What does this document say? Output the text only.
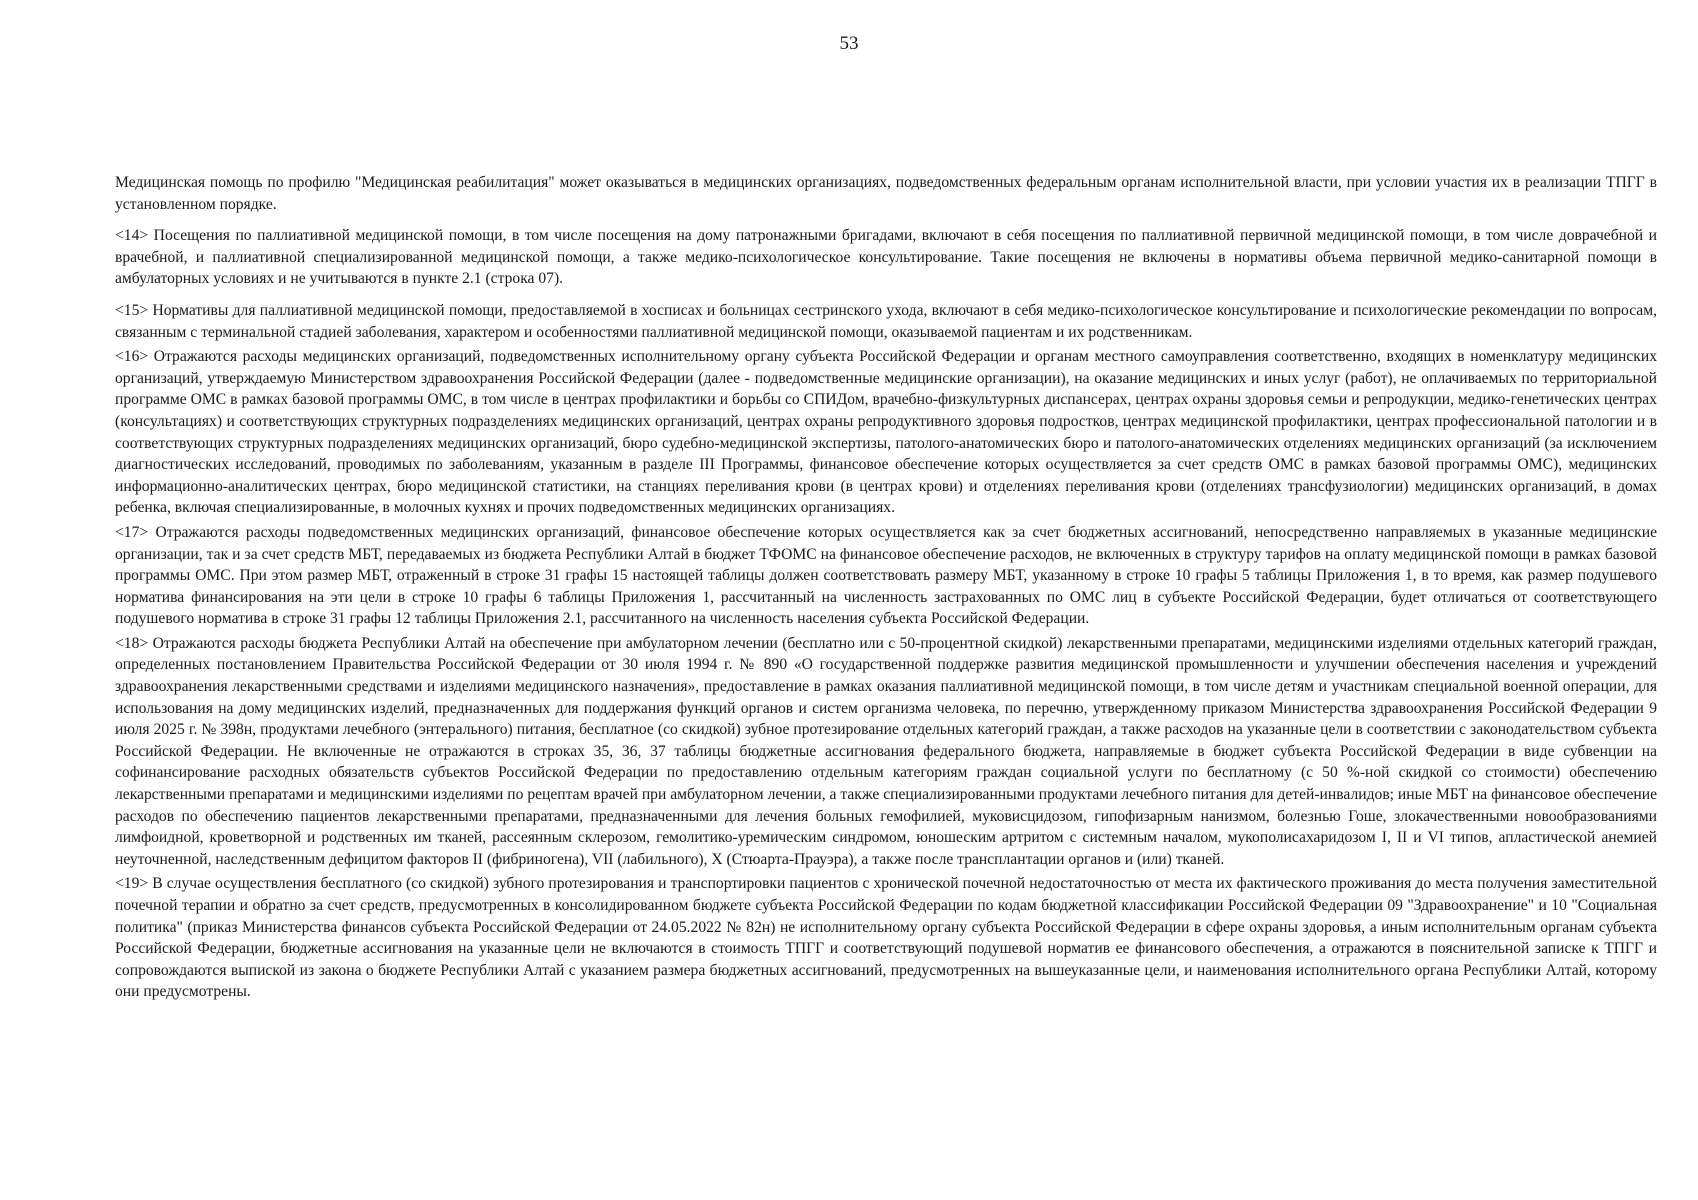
53

Медицинская помощь по профилю "Медицинская реабилитация" может оказываться в медицинских организациях, подведомственных федеральным органам исполнительной власти, при условии участия их в реализации ТПГГ в установленном порядке.

<14> Посещения по паллиативной медицинской помощи, в том числе посещения на дому патронажными бригадами, включают в себя посещения по паллиативной первичной медицинской помощи, в том числе доврачебной и врачебной, и паллиативной специализированной медицинской помощи, а также медико-психологическое консультирование. Такие посещения не включены в нормативы объема первичной медико-санитарной помощи в амбулаторных условиях и не учитываются в пункте 2.1 (строка 07).

<15> Нормативы для паллиативной медицинской помощи, предоставляемой в хосписах и больницах сестринского ухода, включают в себя медико-психологическое консультирование и психологические рекомендации по вопросам, связанным с терминальной стадией заболевания, характером и особенностями паллиативной медицинской помощи, оказываемой пациентам и их родственникам.

<16> Отражаются расходы медицинских организаций, подведомственных исполнительному органу субъекта Российской Федерации и органам местного самоуправления соответственно, входящих в номенклатуру медицинских организаций, утверждаемую Министерством здравоохранения Российской Федерации (далее - подведомственные медицинские организации), на оказание медицинских и иных услуг (работ), не оплачиваемых по территориальной программе ОМС в рамках базовой программы ОМС, в том числе в центрах профилактики и борьбы со СПИДом, врачебно-физкультурных диспансерах, центрах охраны здоровья семьи и репродукции, медико-генетических центрах (консультациях) и соответствующих структурных подразделениях медицинских организаций, центрах охраны репродуктивного здоровья подростков, центрах медицинской профилактики, центрах профессиональной патологии и в соответствующих структурных подразделениях медицинских организаций, бюро судебно-медицинской экспертизы, патолого-анатомических бюро и патолого-анатомических отделениях медицинских организаций (за исключением диагностических исследований, проводимых по заболеваниям, указанным в разделе III Программы, финансовое обеспечение которых осуществляется за счет средств ОМС в рамках базовой программы ОМС), медицинских информационно-аналитических центрах, бюро медицинской статистики, на станциях переливания крови (в центрах крови) и отделениях переливания крови (отделениях трансфузиологии) медицинских организаций, в домах ребенка, включая специализированные, в молочных кухнях и прочих подведомственных медицинских организациях.

<17> Отражаются расходы подведомственных медицинских организаций, финансовое обеспечение которых осуществляется как за счет бюджетных ассигнований, непосредственно направляемых в указанные медицинские организации, так и за счет средств МБТ, передаваемых из бюджета Республики Алтай в бюджет ТФОМС на финансовое обеспечение расходов, не включенных в структуру тарифов на оплату медицинской помощи в рамках базовой программы ОМС. При этом размер МБТ, отраженный в строке 31 графы 15 настоящей таблицы должен соответствовать размеру МБТ, указанному в строке 10 графы 5 таблицы Приложения 1, в то время, как размер подушевого норматива финансирования на эти цели в строке 10 графы 6 таблицы Приложения 1, рассчитанный на численность застрахованных по ОМС лиц в субъекте Российской Федерации, будет отличаться от соответствующего подушевого норматива в строке 31 графы 12 таблицы Приложения 2.1, рассчитанного на численность населения субъекта Российской Федерации.

<18> Отражаются расходы бюджета Республики Алтай на обеспечение при амбулаторном лечении (бесплатно или с 50-процентной скидкой) лекарственными препаратами, медицинскими изделиями отдельных категорий граждан, определенных постановлением Правительства Российской Федерации от 30 июля 1994 г. № 890 «О государственной поддержке развития медицинской промышленности и улучшении обеспечения населения и учреждений здравоохранения лекарственными средствами и изделиями медицинского назначения», предоставление в рамках оказания паллиативной медицинской помощи, в том числе детям и участникам специальной военной операции, для использования на дому медицинских изделий, предназначенных для поддержания функций органов и систем организма человека, по перечню, утвержденному приказом Министерства здравоохранения Российской Федерации 9 июля 2025 г. № 398н, продуктами лечебного (энтерального) питания, бесплатное (со скидкой) зубное протезирование отдельных категорий граждан, а также расходов на указанные цели в соответствии с законодательством субъекта Российской Федерации. Не включенные не отражаются в строках 35, 36, 37 таблицы бюджетные ассигнования федерального бюджета, направляемые в бюджет субъекта Российской Федерации в виде субвенции на софинансирование расходных обязательств субъектов Российской Федерации по предоставлению отдельным категориям граждан социальной услуги по бесплатному (с 50 %-ной скидкой со стоимости) обеспечению лекарственными препаратами и медицинскими изделиями по рецептам врачей при амбулаторном лечении, а также специализированными продуктами лечебного питания для детей-инвалидов; иные МБТ на финансовое обеспечение расходов по обеспечению пациентов лекарственными препаратами, предназначенными для лечения больных гемофилией, муковисцидозом, гипофизарным нанизмом, болезнью Гоше, злокачественными новообразованиями лимфоидной, кроветворной и родственных им тканей, рассеянным склерозом, гемолитико-уремическим синдромом, юношеским артритом с системным началом, мукополисахаридозом I, II и VI типов, апластической анемией неуточненной, наследственным дефицитом факторов II (фибриногена), VII (лабильного), X (Стюарта-Прауэра), а также после трансплантации органов и (или) тканей.

<19> В случае осуществления бесплатного (со скидкой) зубного протезирования и транспортировки пациентов с хронической почечной недостаточностью от места их фактического проживания до места получения заместительной почечной терапии и обратно за счет средств, предусмотренных в консолидированном бюджете субъекта Российской Федерации по кодам бюджетной классификации Российской Федерации 09 "Здравоохранение" и 10 "Социальная политика" (приказ Министерства финансов субъекта Российской Федерации от 24.05.2022 № 82н) не исполнительному органу субъекта Российской Федерации в сфере охраны здоровья, а иным исполнительным органам субъекта Российской Федерации, бюджетные ассигнования на указанные цели не включаются в стоимость ТПГГ и соответствующий подушевой норматив ее финансового обеспечения, а отражаются в пояснительной записке к ТПГГ и сопровождаются выпиской из закона о бюджете Республики Алтай с указанием размера бюджетных ассигнований, предусмотренных на вышеуказанные цели, и наименования исполнительного органа Республики Алтай, которому они предусмотрены.
